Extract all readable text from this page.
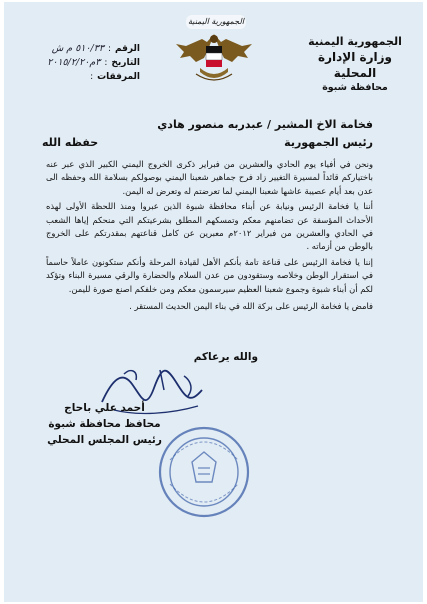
الجمهورية اليمنية
وزارة الإدارة المحلية
محافظة شبوة
الجمهورية اليمنية
الرقم
:
٥١٠/٣٣ م ش
التاريخ
:
٣م٢٠١٥/٢/٢٠
المرفقات
:
فخامة الاخ المشير / عبدربه منصور هادي
رئيس الجمهورية
حفظه الله

ونحن في أفياء يوم الحادي والعشرين من فبراير ذكرى الخروج اليمني الكبير الذي عبر عنه باختياركم قائداً لمسيرة التغيير زاد فرح جماهير شعبنا اليمني بوصولكم بسلامة الله وحفظه الى عدن بعد أيام عصيبة عاشها شعبنا اليمني لما تعرضتم له وتعرض له اليمن.

أننا يا فخامة الرئيس ونيابة عن أبناء محافظة شبوة الذين عبروا ومنذ اللحظة الأولى لهذه الأحداث المؤسفة عن تضامنهم معكم وتمسكهم المطلق بشرعيتكم التي منحكم إياها الشعب في الحادي والعشرين من فبراير ٢٠١٢م معبرين عن كامل قناعتهم بمقدرتكم على الخروج بالوطن من أزماته .

إننا يا فخامة الرئيس على قناعة تامة بأنكم الأهل لقيادة المرحلة وأنكم ستكونون عاملاً حاسماً في استقرار الوطن وخلاصه وستقودون من عدن السلام والحضارة والرقي مسيرة البناء وتؤكد لكم أن أبناء شبوة وجموع شعبنا العظيم سيرسمون معكم ومن خلفكم اصنع صورة لليمن.

فامض يا فخامة الرئيس على بركة الله في بناء اليمن الحديث المستقر .

والله يرعاكم
أحمد علي باحاج
محافظ محافظة شبوة
رئيس المجلس المحلي
